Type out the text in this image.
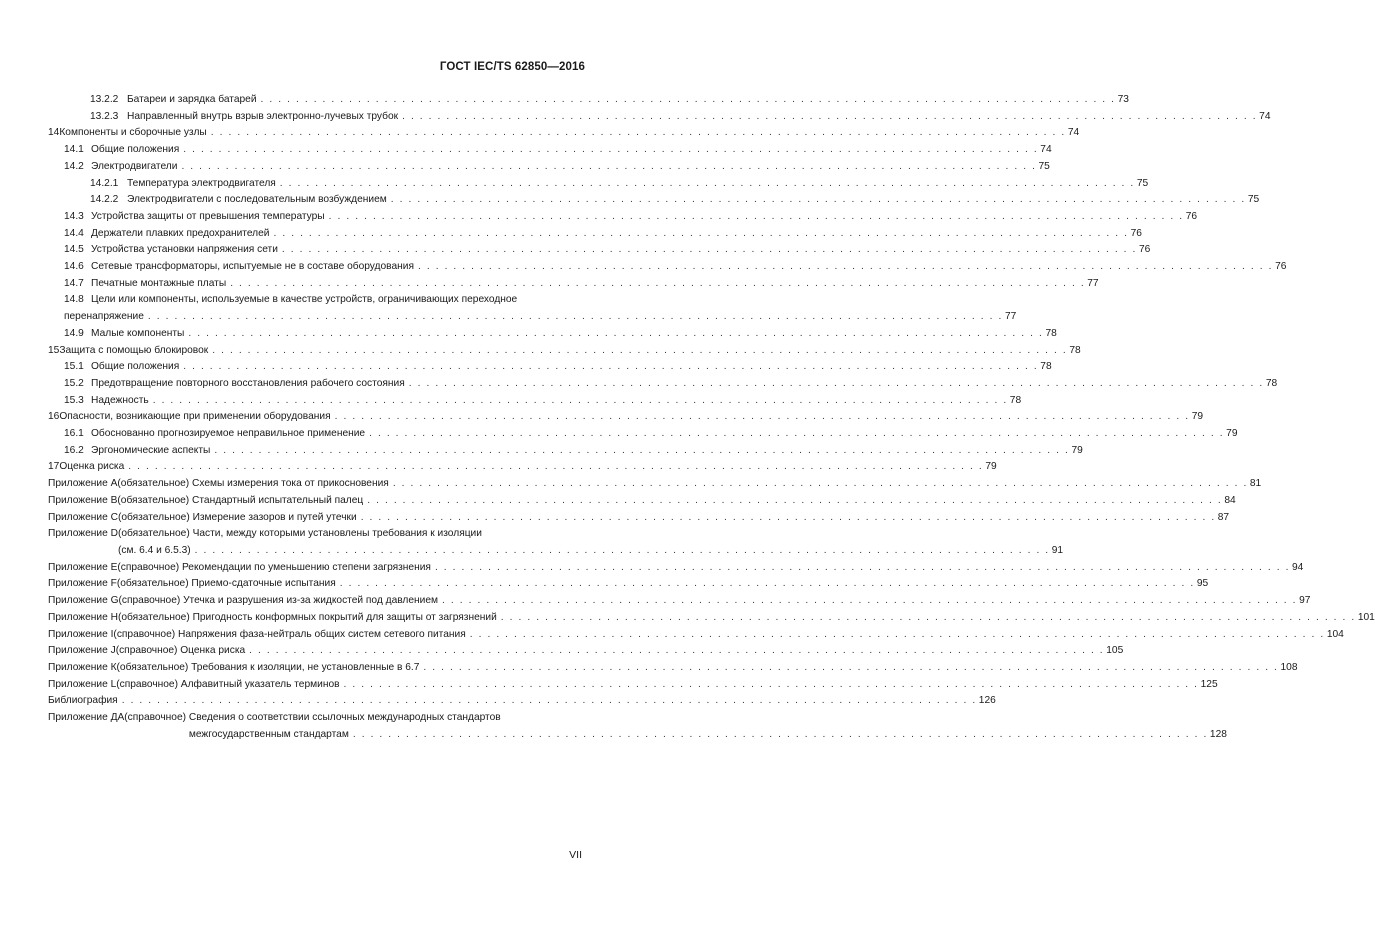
ГОСТ IEC/TS 62850—2016
13.2.2 Батареи и зарядка батарей . . .	73
13.2.3 Направленный внутрь взрыв электронно-лучевых трубок . . .	74
14 Компоненты и сборочные узлы . . .	74
14.1 Общие положения . . .	74
14.2 Электродвигатели . . .	75
14.2.1 Температура электродвигателя . . .	75
14.2.2 Электродвигатели с последовательным возбуждением . . .	75
14.3 Устройства защиты от превышения температуры . . .	76
14.4 Держатели плавких предохранителей . . .	76
14.5 Устройства установки напряжения сети . . .	76
14.6 Сетевые трансформаторы, испытуемые не в составе оборудования . . .	76
14.7 Печатные монтажные платы . . .	77
14.8 Цели или компоненты, используемые в качестве устройств, ограничивающих переходное
перенапряжение . . .	77
14.9 Малые компоненты . . .	78
15 Защита с помощью блокировок . . .	78
15.1 Общие положения . . .	78
15.2 Предотвращение повторного восстановления рабочего состояния . . .	78
15.3 Надежность . . .	78
16 Опасности, возникающие при применении оборудования . . .	79
16.1 Обоснованно прогнозируемое неправильное применение . . .	79
16.2 Эргономические аспекты . . .	79
17 Оценка риска . . .	79
Приложение А (обязательное) Схемы измерения тока от прикосновения . . .	81
Приложение В (обязательное) Стандартный испытательный палец . . .	84
Приложение С (обязательное) Измерение зазоров и путей утечки . . .	87
Приложение D (обязательное) Части, между которыми установлены требования к изоляции
(см. 6.4 и 6.5.3) . . .	91
Приложение E (справочное) Рекомендации по уменьшению степени загрязнения . . .	94
Приложение F (обязательное) Приемо-сдаточные испытания . . .	95
Приложение G (справочное) Утечка и разрушения из-за жидкостей под давлением . . .	97
Приложение H (обязательное) Пригодность конформных покрытий для защиты от загрязнений . . .	101
Приложение I (справочное) Напряжения фаза-нейтраль общих систем сетевого питания . . .	104
Приложение J (справочное) Оценка риска . . .	105
Приложение К (обязательное) Требования к изоляции, не установленные в 6.7 . . .	108
Приложение L (справочное) Алфавитный указатель терминов . . .	125
Библиография . . .	126
Приложение ДА (справочное) Сведения о соответствии ссылочных международных стандартов
межгосударственным стандартам . . .	128
VII
